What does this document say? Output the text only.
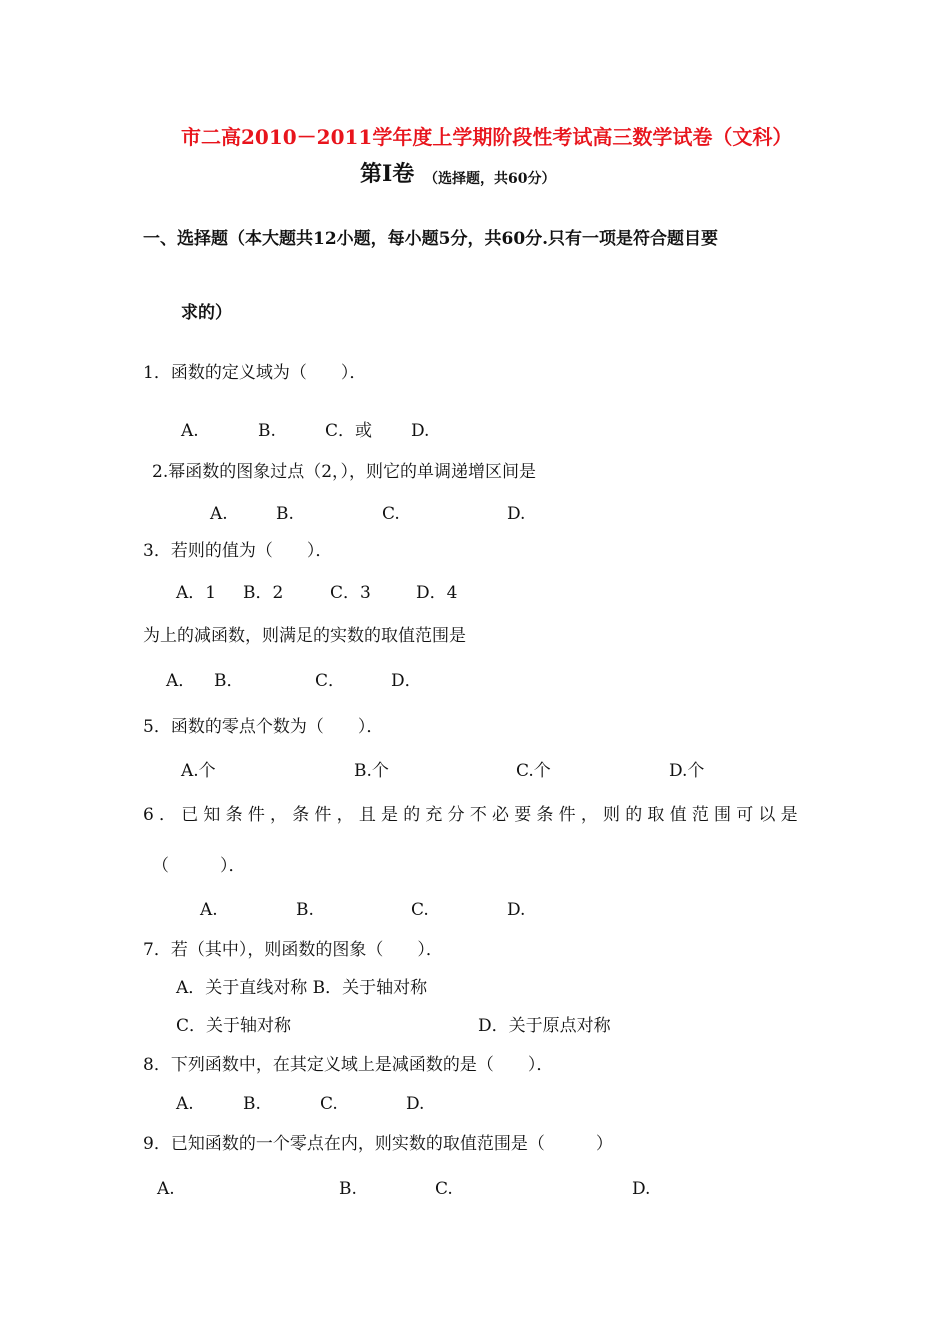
市二高2010－2011学年度上学期阶段性考试高三数学试卷（文科）
第I卷 （选择题，共60分）
一、选择题（本大题共12小题，每小题5分，共60分.只有一项是符合题目要
求的）
1．函数的定义域为（　　）．
A.	B.	C．或 D.
2.幂函数的图象过点（2，），则它的单调递增区间是
A.	B.	C.	D.
3．若则的值为（　　）．
A．1 B．2	C．3	D．4
为上的减函数，则满足的实数的取值范围是
A． B．	C．	D．
5．函数的零点个数为（　　）．
A.个	B.个	C.个	D.个
6．已知条件，条件，且是的充分不必要条件，则的取值范围可以是
（　　　）．
A.	B.	C.	D.
7．若（其中），则函数的图象（　　）．
A．关于直线对称 B．关于轴对称
C．关于轴对称	D．关于原点对称
8．下列函数中，在其定义域上是减函数的是（　　）．
A.	B.	C.	D.
9．已知函数的一个零点在内，则实数的取值范围是（　　　）
A.	B.	C.	D.
